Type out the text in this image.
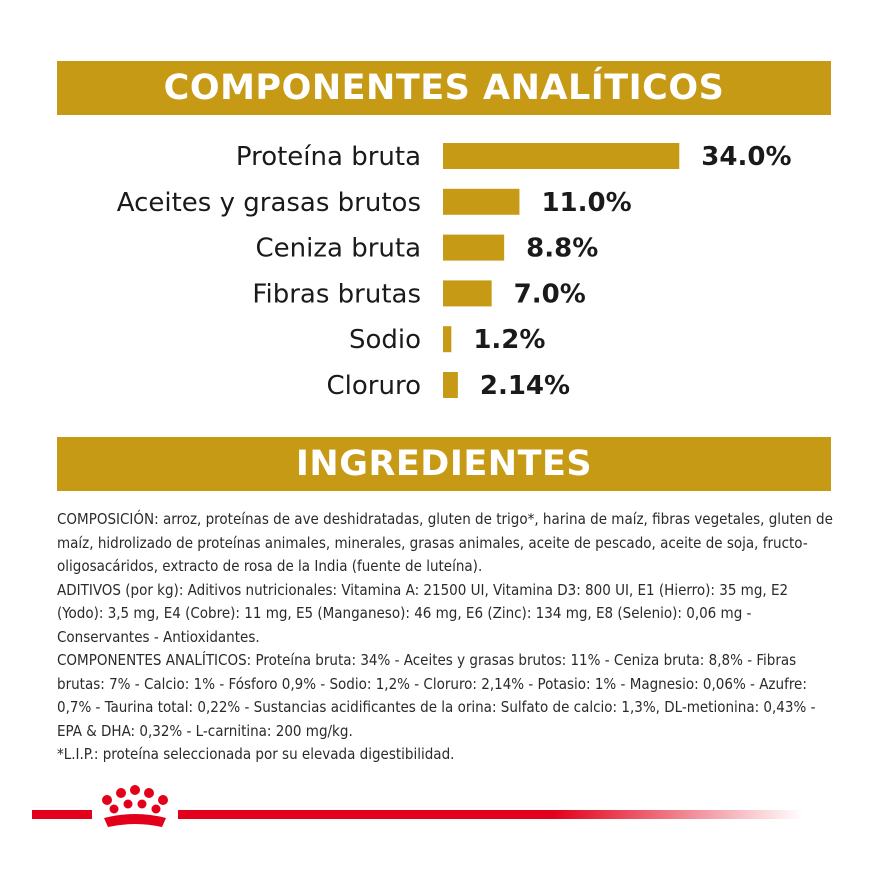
COMPONENTES ANALÍTICOS
Proteína bruta	34.0%
Aceites y grasas brutos	11.0%
Ceniza bruta	8.8%
Fibras brutas	7.0%
Sodio 1.2%
Cloruro 2.14%
INGREDIENTES

COMPOSICIÓN: arroz, proteínas de ave deshidratadas, gluten de trigo*, harina de maíz, fibras vegetales, gluten de maíz, hidrolizado de proteínas animales, minerales, grasas animales, aceite de pescado, aceite de soja, fructo-oligosacáridos, extracto de rosa de la India (fuente de luteína).

ADITIVOS (por kg): Aditivos nutricionales: Vitamina A: 21500 UI, Vitamina D3: 800 UI, E1 (Hierro): 35 mg, E2 (Yodo): 3,5 mg, E4 (Cobre): 11 mg, E5 (Manganeso): 46 mg, E6 (Zinc): 134 mg, E8 (Selenio): 0,06 mg - Conservantes - Antioxidantes.

COMPONENTES ANALÍTICOS: Proteína bruta: 34% - Aceites y grasas brutos: 11% - Ceniza bruta: 8,8% - Fibras brutas: 7% - Calcio: 1% - Fósforo 0,9% - Sodio: 1,2% - Cloruro: 2,14% - Potasio: 1% - Magnesio: 0,06% - Azufre: 0,7% - Taurina total: 0,22% - Sustancias acidificantes de la orina: Sulfato de calcio: 1,3%, DL-metionina: 0,43% - EPA & DHA: 0,32% - L-carnitina: 200 mg/kg.

*L.I.P.: proteína seleccionada por su elevada digestibilidad.
